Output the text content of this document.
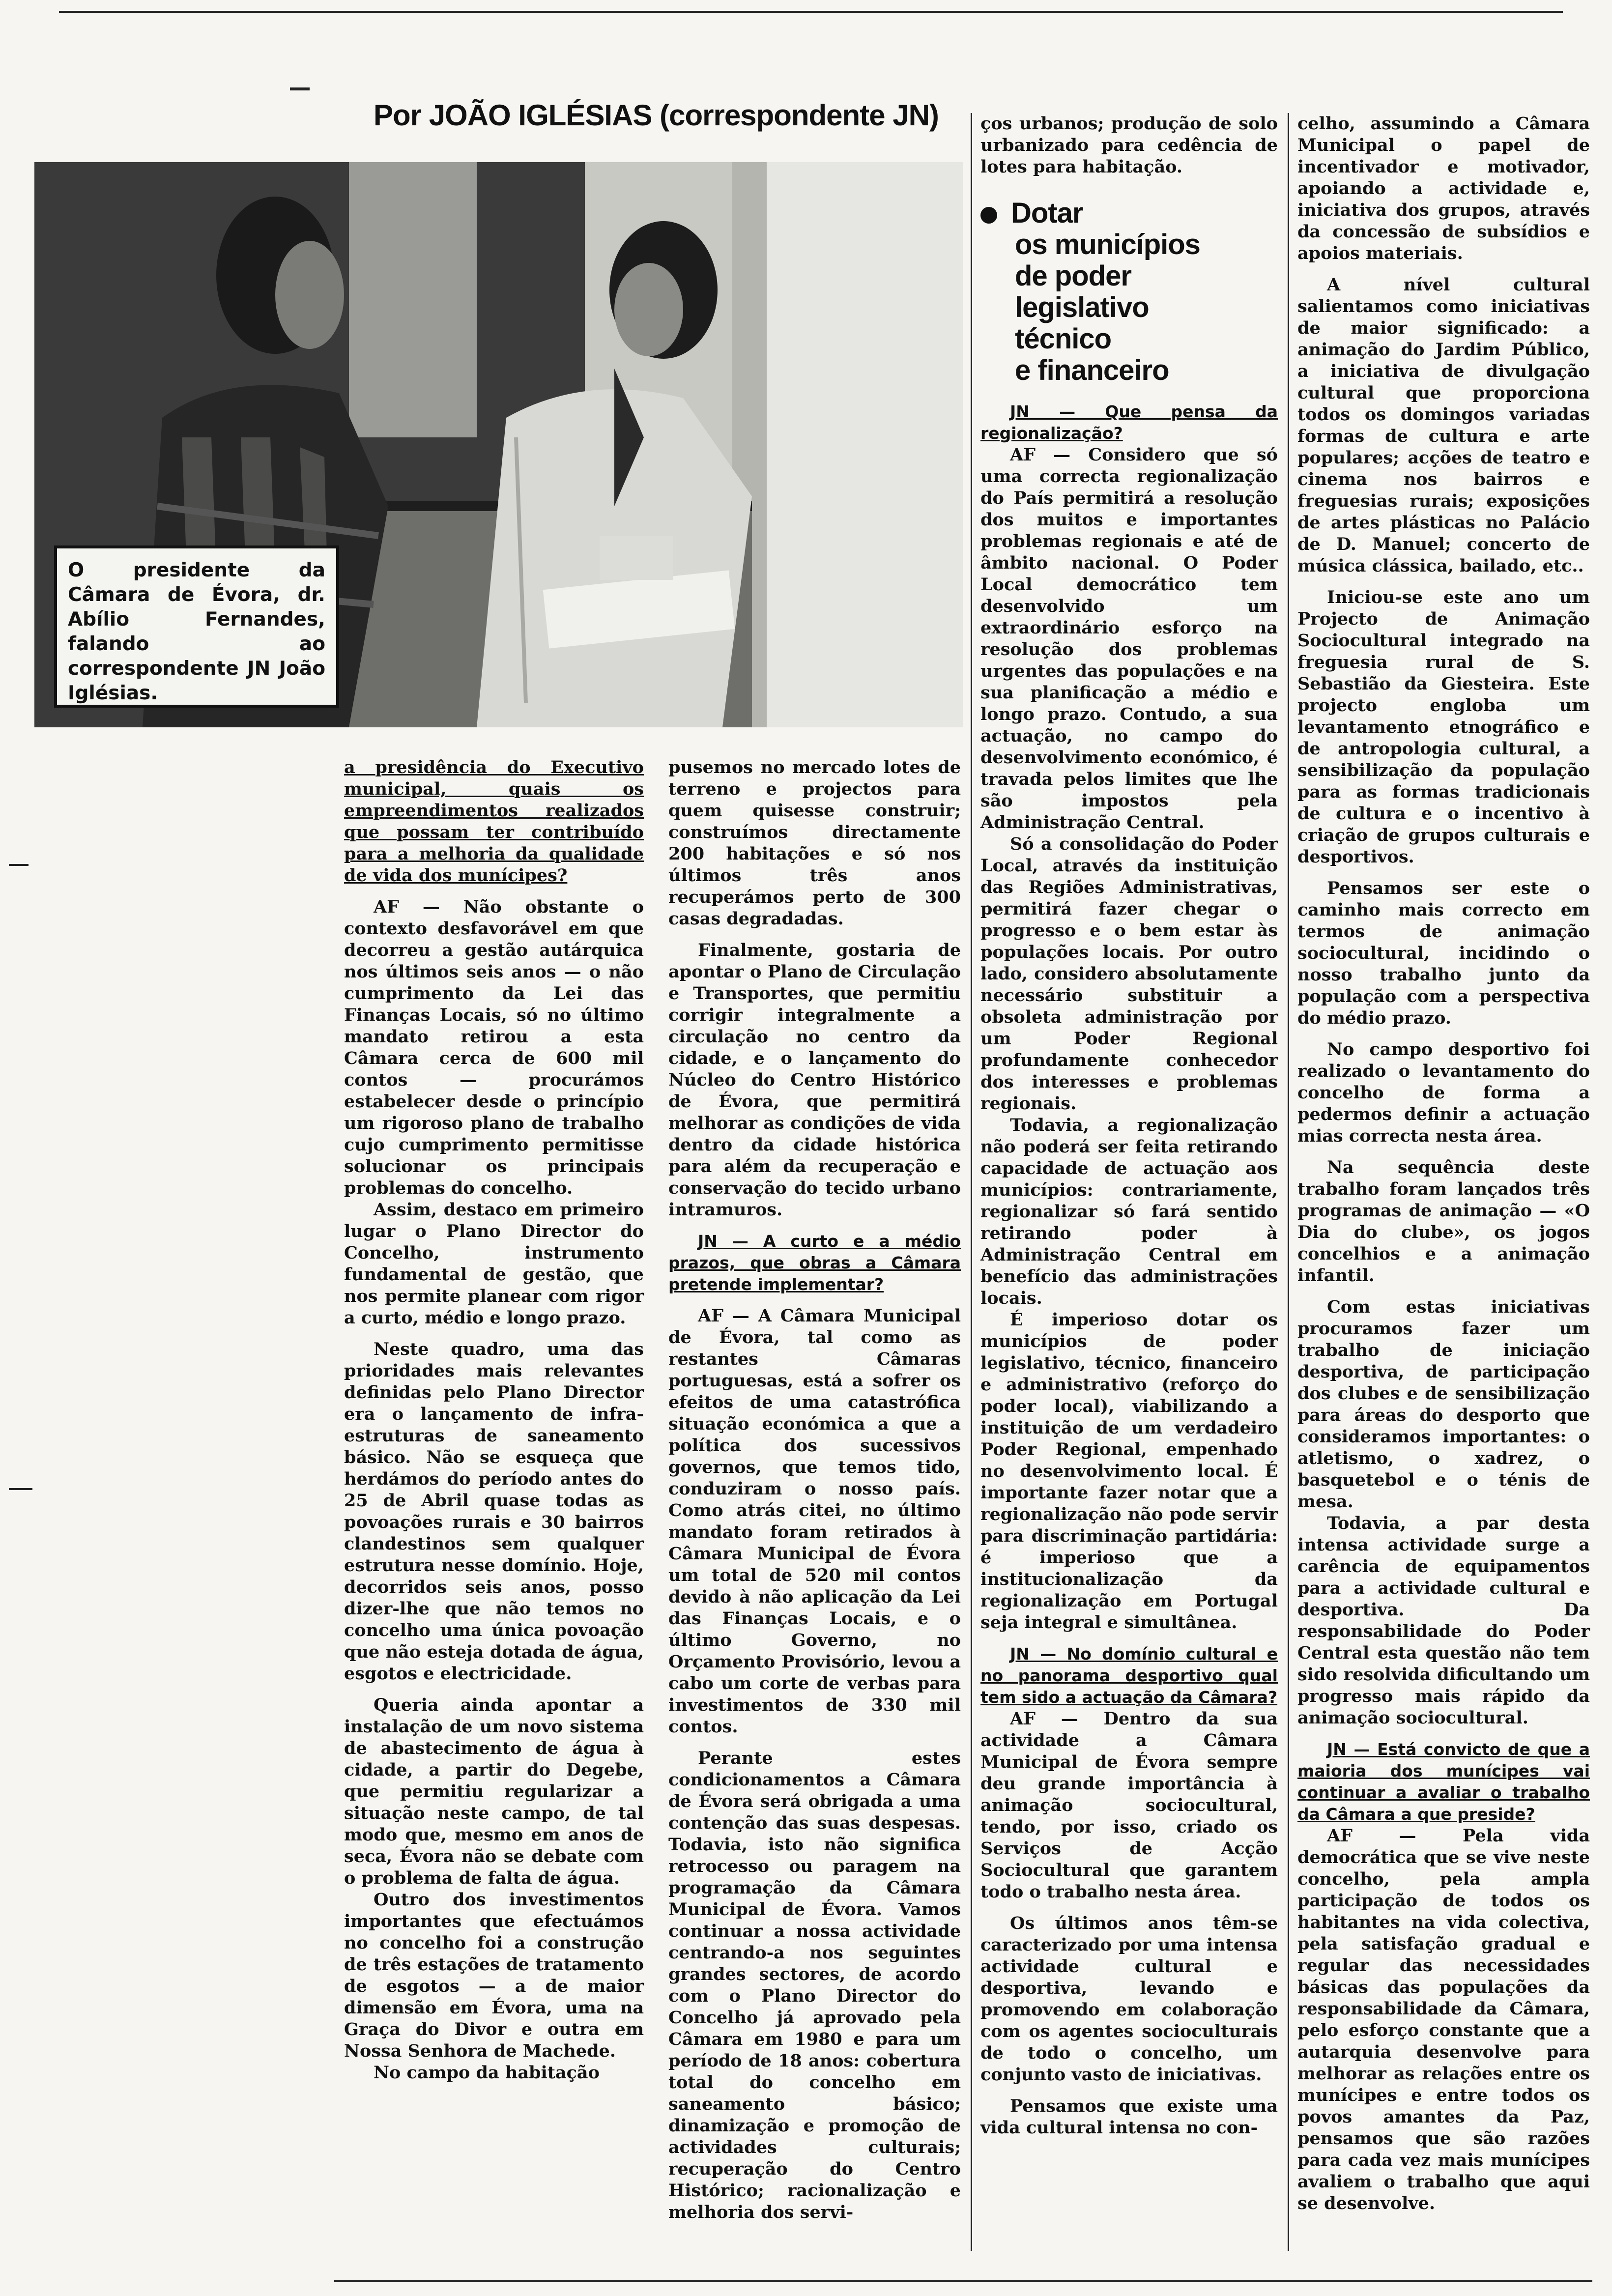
Por JOÃO IGLÉSIAS (correspondente JN)
O presidente da Câmara de Évora, dr. Abílio Fernandes, falando ao correspondente JN João Iglésias.

a presidência do Executivo municipal, quais os empreendimentos realizados que possam ter contribuído para a melhoria da qualidade de vida dos munícipes?

AF — Não obstante o contexto desfavorável em que decorreu a gestão autárquica nos últimos seis anos — o não cumprimento da Lei das Finanças Locais, só no último mandato retirou a esta Câmara cerca de 600 mil contos — procurámos estabelecer desde o princípio um rigoroso plano de trabalho cujo cumprimento permitisse solucionar os principais problemas do concelho.

Assim, destaco em primeiro lugar o Plano Director do Concelho, instrumento fundamental de gestão, que nos permite planear com rigor a curto, médio e longo prazo.

Neste quadro, uma das prioridades mais relevantes definidas pelo Plano Director era o lançamento de infra-estruturas de saneamento básico. Não se esqueça que herdámos do período antes do 25 de Abril quase todas as povoações rurais e 30 bairros clandestinos sem qualquer estrutura nesse domínio. Hoje, decorridos seis anos, posso dizer-lhe que não temos no concelho uma única povoação que não esteja dotada de água, esgotos e electricidade.

Queria ainda apontar a instalação de um novo sistema de abastecimento de água à cidade, a partir do Degebe, que permitiu regularizar a situação neste campo, de tal modo que, mesmo em anos de seca, Évora não se debate com o problema de falta de água.

Outro dos investimentos importantes que efectuámos no concelho foi a construção de três estações de tratamento de esgotos — a de maior dimensão em Évora, uma na Graça do Divor e outra em Nossa Senhora de Machede.

No campo da habitação

pusemos no mercado lotes de terreno e projectos para quem quisesse construir; construímos directamente 200 habitações e só nos últimos três anos recuperámos perto de 300 casas degradadas.

Finalmente, gostaria de apontar o Plano de Circulação e Transportes, que permitiu corrigir integralmente a circulação no centro da cidade, e o lançamento do Núcleo do Centro Histórico de Évora, que permitirá melhorar as condições de vida dentro da cidade histórica para além da recuperação e conservação do tecido urbano intramuros.

JN — A curto e a médio prazos, que obras a Câmara pretende implementar?

AF — A Câmara Municipal de Évora, tal como as restantes Câmaras portuguesas, está a sofrer os efeitos de uma catastrófica situação económica a que a política dos sucessivos governos, que temos tido, conduziram o nosso país. Como atrás citei, no último mandato foram retirados à Câmara Municipal de Évora um total de 520 mil contos devido à não aplicação da Lei das Finanças Locais, e o último Governo, no Orçamento Provisório, levou a cabo um corte de verbas para investimentos de 330 mil contos.

Perante estes condicionamentos a Câmara de Évora será obrigada a uma contenção das suas despesas. Todavia, isto não significa retrocesso ou paragem na programação da Câmara Municipal de Évora. Vamos continuar a nossa actividade centrando-a nos seguintes grandes sectores, de acordo com o Plano Director do Concelho já aprovado pela Câmara em 1980 e para um período de 18 anos: cobertura total do concelho em saneamento básico; dinamização e promoção de actividades culturais; recuperação do Centro Histórico; racionalização e melhoria dos servi-

ços urbanos; produção de solo urbanizado para cedência de lotes para habitação.

Dotar
os municípios
de poder
legislativo
técnico
e financeiro

JN — Que pensa da regionalização?

AF — Considero que só uma correcta regionalização do País permitirá a resolução dos muitos e importantes problemas regionais e até de âmbito nacional. O Poder Local democrático tem desenvolvido um extraordinário esforço na resolução dos problemas urgentes das populações e na sua planificação a médio e longo prazo. Contudo, a sua actuação, no campo do desenvolvimento económico, é travada pelos limites que lhe são impostos pela Administração Central.

Só a consolidação do Poder Local, através da instituição das Regiões Administrativas, permitirá fazer chegar o progresso e o bem estar às populações locais. Por outro lado, considero absolutamente necessário substituir a obsoleta administração por um Poder Regional profundamente conhecedor dos interesses e problemas regionais.

Todavia, a regionalização não poderá ser feita retirando capacidade de actuação aos municípios: contrariamente, regionalizar só fará sentido retirando poder à Administração Central em benefício das administrações locais.

É imperioso dotar os municípios de poder legislativo, técnico, financeiro e administrativo (reforço do poder local), viabilizando a instituição de um verdadeiro Poder Regional, empenhado no desenvolvimento local. É importante fazer notar que a regionalização não pode servir para discriminação partidária: é imperioso que a institucionalização da regionalização em Portugal seja integral e simultânea.

JN — No domínio cultural e no panorama desportivo qual tem sido a actuação da Câmara?

AF — Dentro da sua actividade a Câmara Municipal de Évora sempre deu grande importância à animação sociocultural, tendo, por isso, criado os Serviços de Acção Sociocultural que garantem todo o trabalho nesta área.

Os últimos anos têm-se caracterizado por uma intensa actividade cultural e desportiva, levando e promovendo em colaboração com os agentes socioculturais de todo o concelho, um conjunto vasto de iniciativas.

Pensamos que existe uma vida cultural intensa no con-

celho, assumindo a Câmara Municipal o papel de incentivador e motivador, apoiando a actividade e, iniciativa dos grupos, através da concessão de subsídios e apoios materiais.

A nível cultural salientamos como iniciativas de maior significado: a animação do Jardim Público, a iniciativa de divulgação cultural que proporciona todos os domingos variadas formas de cultura e arte populares; acções de teatro e cinema nos bairros e freguesias rurais; exposições de artes plásticas no Palácio de D. Manuel; concerto de música clássica, bailado, etc..

Iniciou-se este ano um Projecto de Animação Sociocultural integrado na freguesia rural de S. Sebastião da Giesteira. Este projecto engloba um levantamento etnográfico e de antropologia cultural, a sensibilização da população para as formas tradicionais de cultura e o incentivo à criação de grupos culturais e desportivos.

Pensamos ser este o caminho mais correcto em termos de animação sociocultural, incidindo o nosso trabalho junto da população com a perspectiva do médio prazo.

No campo desportivo foi realizado o levantamento do concelho de forma a pedermos definir a actuação mias correcta nesta área.

Na sequência deste trabalho foram lançados três programas de animação — «O Dia do clube», os jogos concelhios e a animação infantil.

Com estas iniciativas procuramos fazer um trabalho de iniciação desportiva, de participação dos clubes e de sensibilização para áreas do desporto que consideramos importantes: o atletismo, o xadrez, o basquetebol e o ténis de mesa.

Todavia, a par desta intensa actividade surge a carência de equipamentos para a actividade cultural e desportiva. Da responsabilidade do Poder Central esta questão não tem sido resolvida dificultando um progresso mais rápido da animação sociocultural.

JN — Está convicto de que a maioria dos munícipes vai continuar a avaliar o trabalho da Câmara a que preside?

AF — Pela vida democrática que se vive neste concelho, pela ampla participação de todos os habitantes na vida colectiva, pela satisfação gradual e regular das necessidades básicas das populações da responsabilidade da Câmara, pelo esforço constante que a autarquia desenvolve para melhorar as relações entre os munícipes e entre todos os povos amantes da Paz, pensamos que são razões para cada vez mais munícipes avaliem o trabalho que aqui se desenvolve.
